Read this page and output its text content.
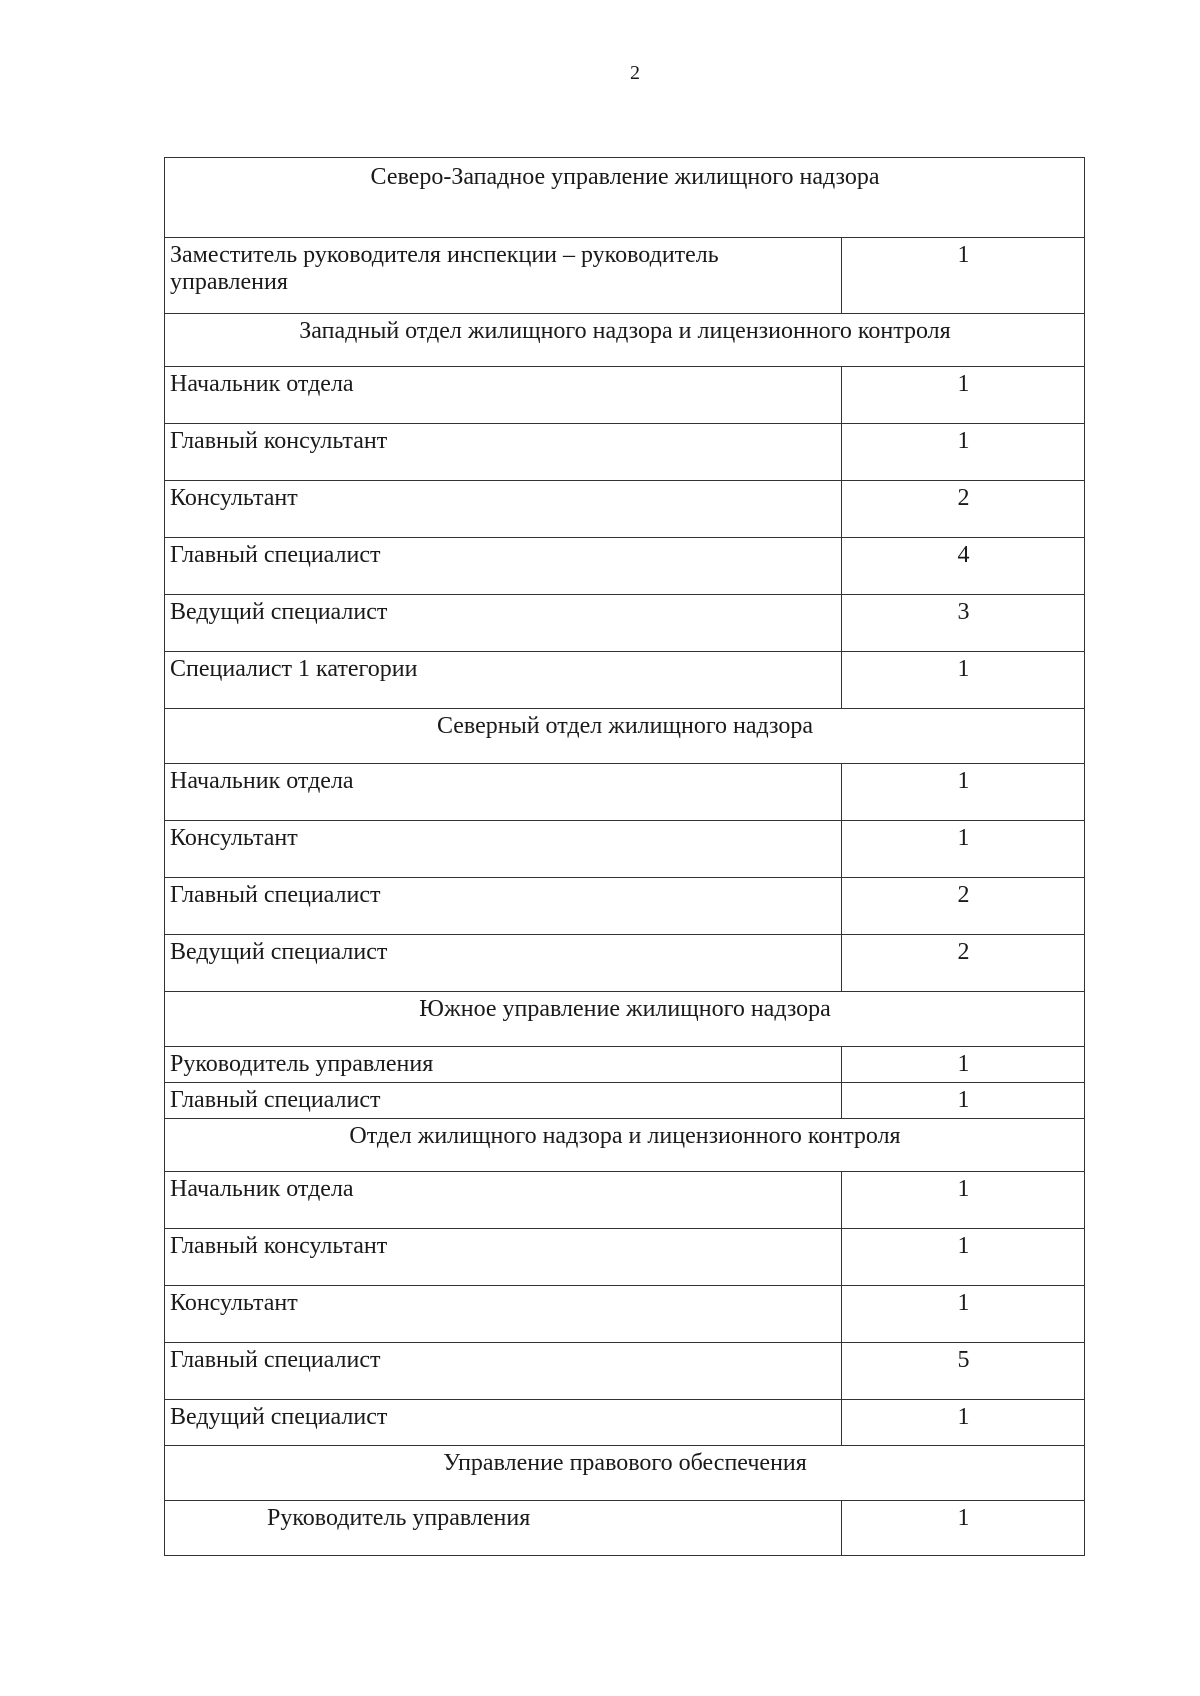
2
Северо-Западное управление жилищного надзора	
Заместитель руководителя инспекции – руководитель управления	1
Западный отдел жилищного надзора и лицензионного контроля	
Начальник отдела	1
Главный консультант	1
Консультант	2
Главный специалист	4
Ведущий специалист	3
Специалист 1 категории	1
Северный отдел жилищного надзора	
Начальник отдела	1
Консультант	1
Главный специалист	2
Ведущий специалист	2
Южное управление жилищного надзора	
Руководитель управления	1
Главный специалист	1
Отдел жилищного надзора и лицензионного контроля	
Начальник отдела	1
Главный консультант	1
Консультант	1
Главный специалист	5
Ведущий специалист	1
Управление правового обеспечения	
Руководитель управления	1
